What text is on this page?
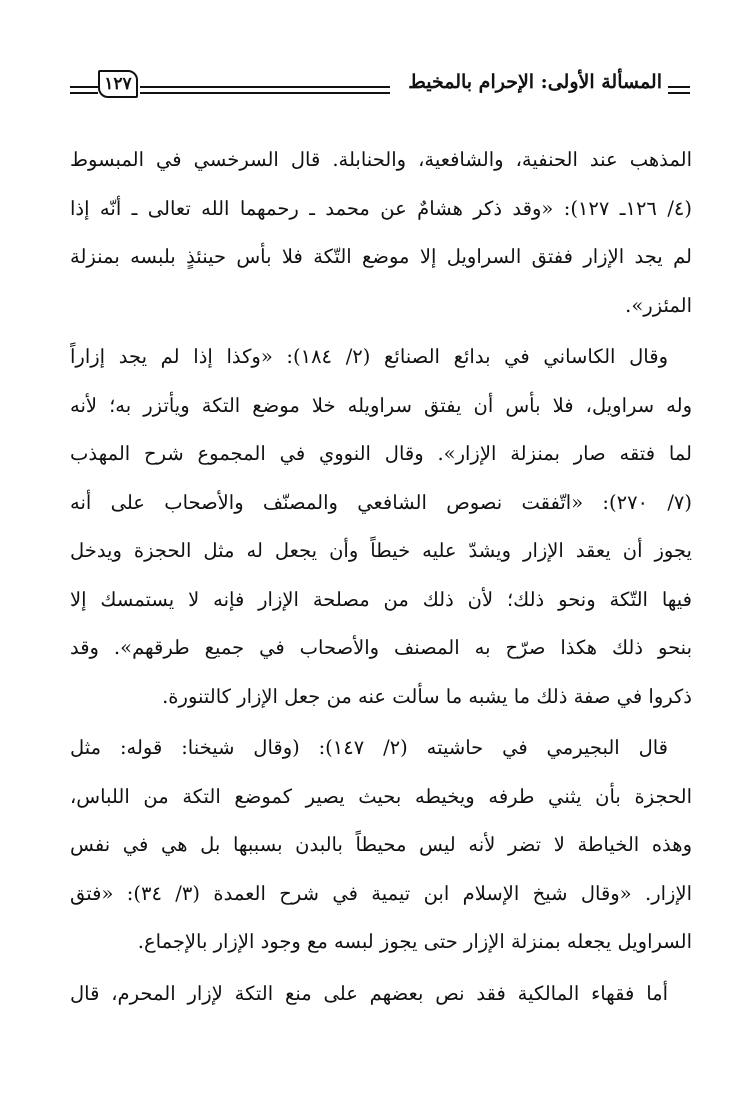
المسألة الأولى: الإحرام بالمخيط
١٢٧
المذهب عند الحنفية، والشافعية، والحنابلة. قال السرخسي في المبسوط
(٤/ ١٢٦ـ ١٢٧): «وقد ذكر هشامٌ عن محمد ـ رحمهما الله تعالى ـ أنّه إذا
لم يجد الإزار ففتق السراويل إلا موضع التّكة فلا بأس حينئذٍ بلبسه بمنزلة
المئزر».
وقال الكاساني في بدائع الصنائع (٢/ ١٨٤): «وكذا إذا لم يجد إزاراً
وله سراويل، فلا بأس أن يفتق سراويله خلا موضع التكة ويأتزر به؛ لأنه
لما فتقه صار بمنزلة الإزار». وقال النووي في المجموع شرح المهذب
(٧/ ٢٧٠): «اتّفقت نصوص الشافعي والمصنّف والأصحاب على أنه
يجوز أن يعقد الإزار ويشدّ عليه خيطاً وأن يجعل له مثل الحجزة ويدخل
فيها التّكة ونحو ذلك؛ لأن ذلك من مصلحة الإزار فإنه لا يستمسك إلا
بنحو ذلك هكذا صرّح به المصنف والأصحاب في جميع طرقهم». وقد
ذكروا في صفة ذلك ما يشبه ما سألت عنه من جعل الإزار كالتنورة.
قال البجيرمي في حاشيته (٢/ ١٤٧): (وقال شيخنا: قوله: مثل
الحجزة بأن يثني طرفه ويخيطه بحيث يصير كموضع التكة من اللباس،
وهذه الخياطة لا تضر لأنه ليس محيطاً بالبدن بسببها بل هي في نفس
الإزار. «وقال شيخ الإسلام ابن تيمية في شرح العمدة (٣/ ٣٤): «فتق
السراويل يجعله بمنزلة الإزار حتى يجوز لبسه مع وجود الإزار بالإجماع.
أما فقهاء المالكية فقد نص بعضهم على منع التكة لإزار المحرم، قال
